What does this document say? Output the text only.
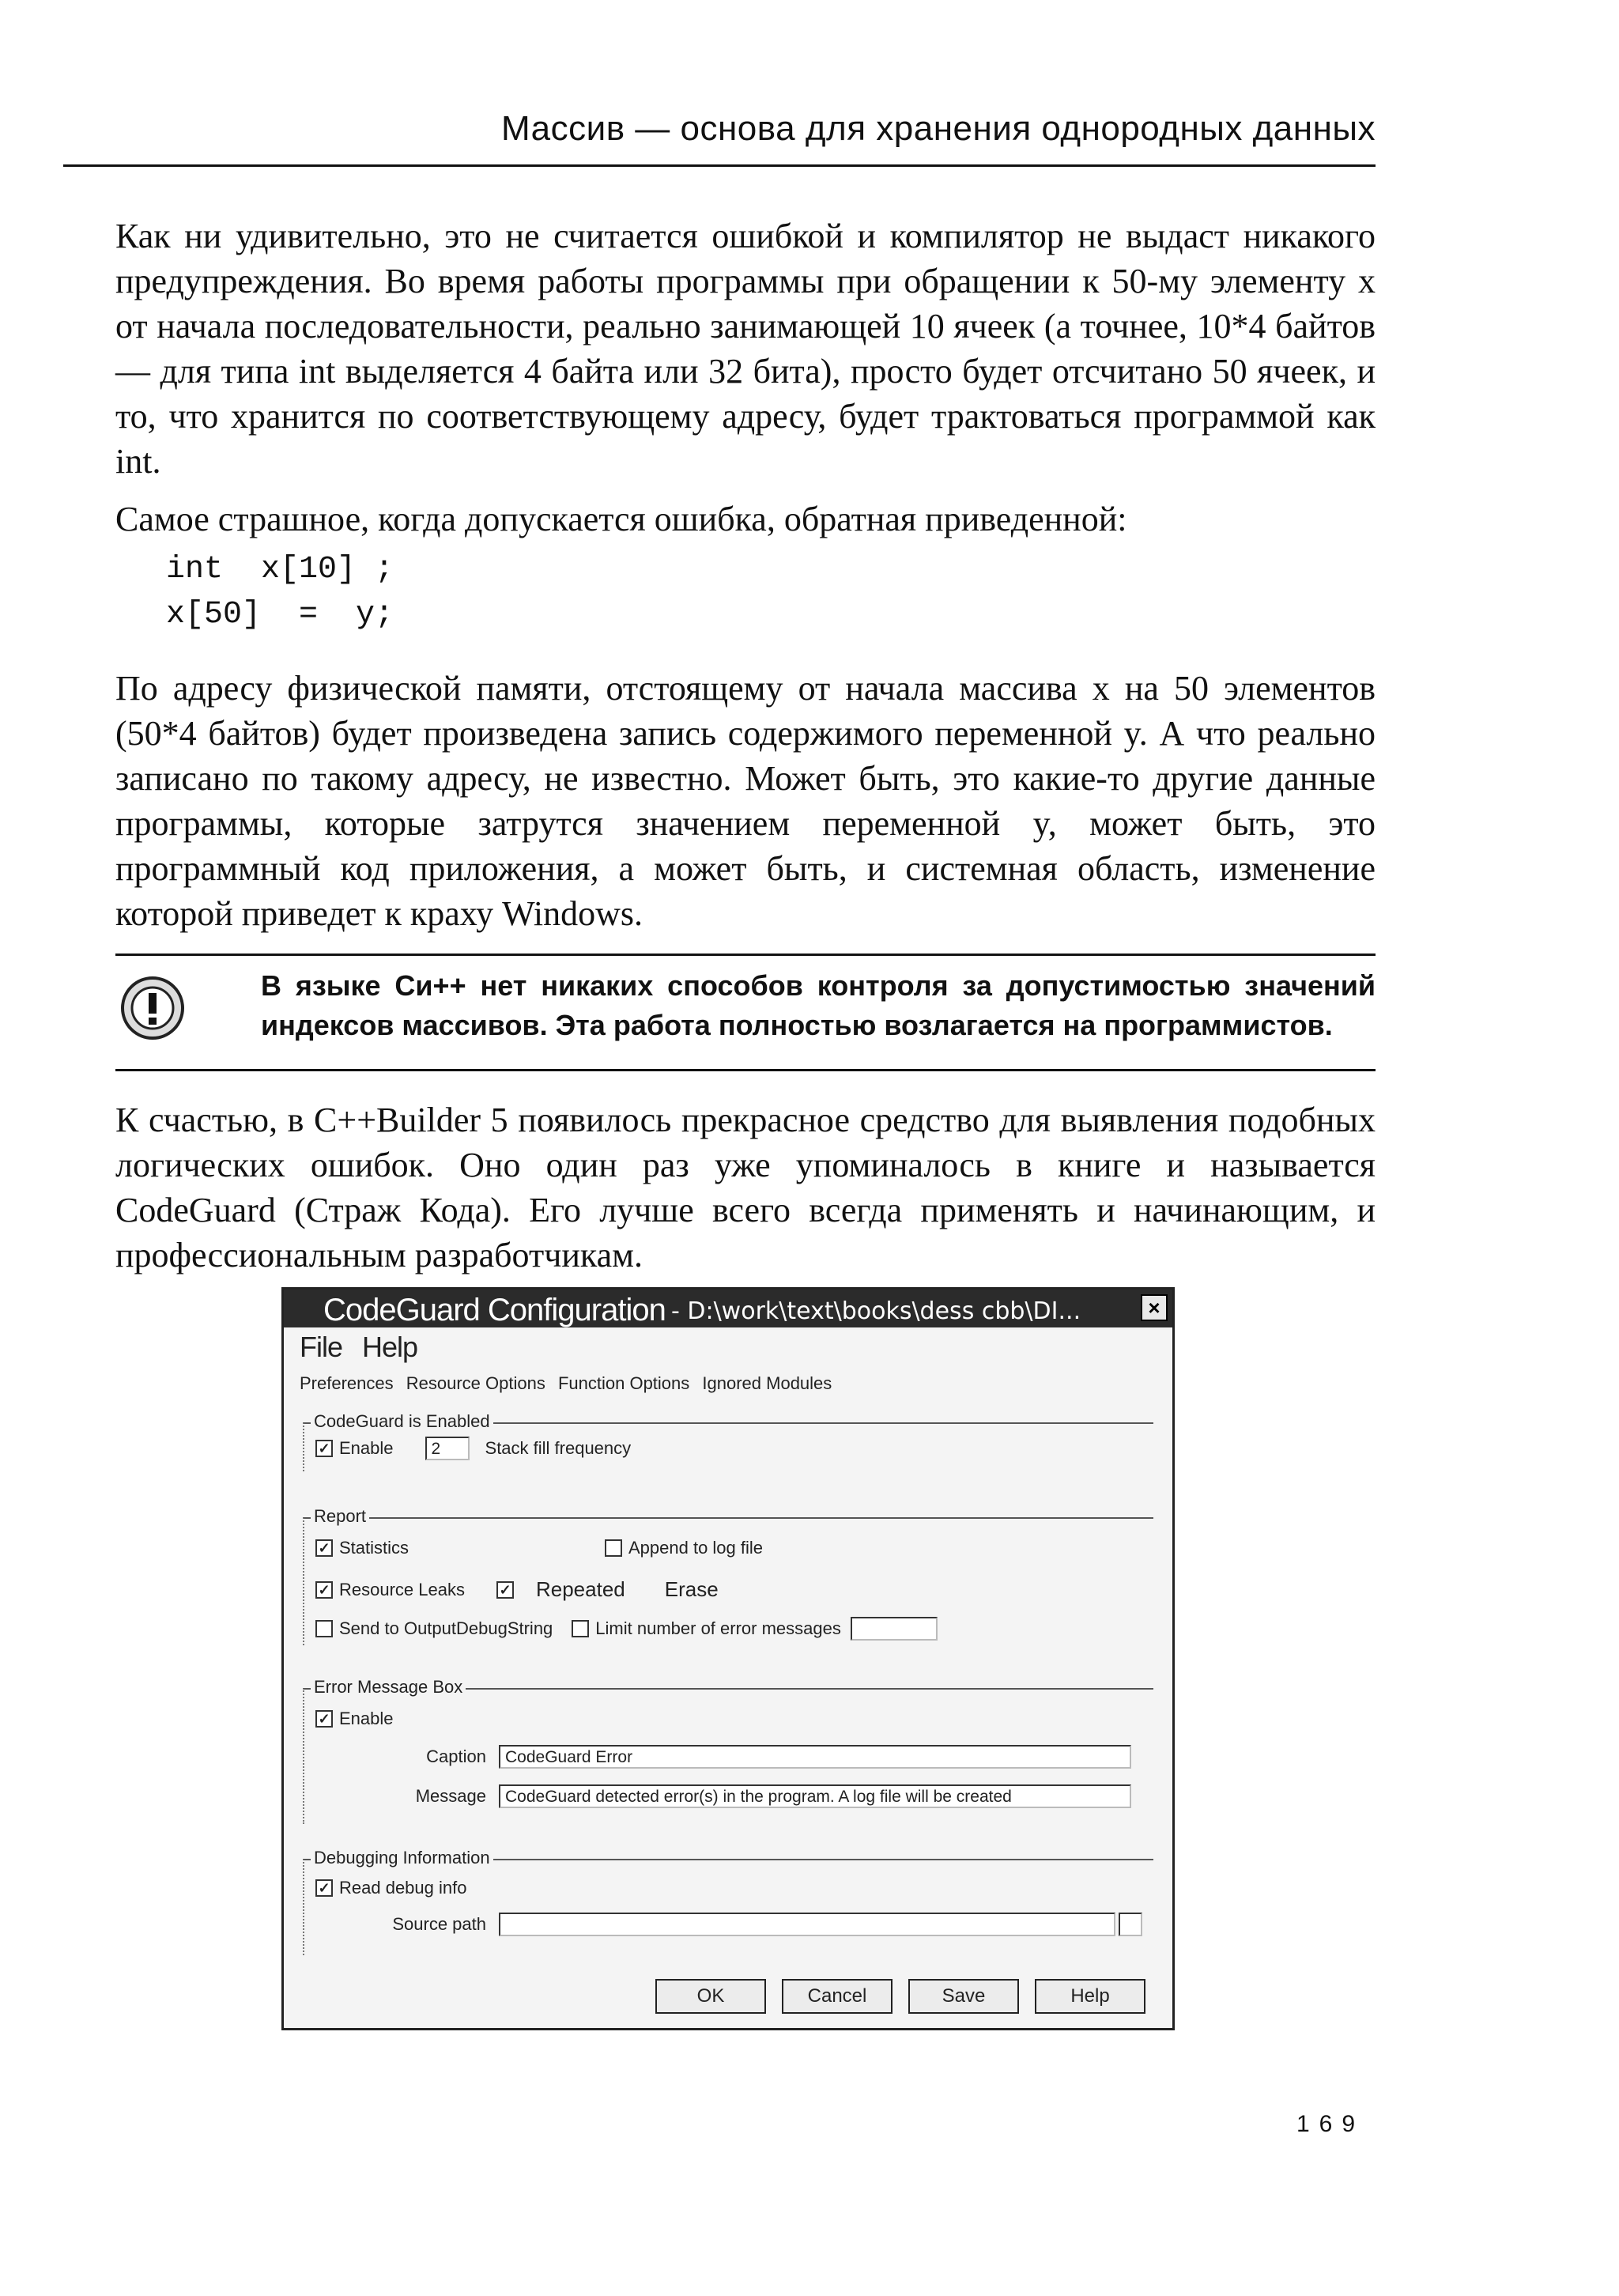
Массив — основа для хранения однородных данных

Как ни удивительно, это не считается ошибкой и компилятор не выдаст никакого предупреждения. Во время работы программы при обращении к 50-му элементу x от начала последовательности, реально занимающей 10 ячеек (а точнее, 10*4 байтов — для типа int выделяется 4 байта или 32 бита), просто будет отсчитано 50 ячеек, и то, что хранится по соответствующему адресу, будет трактоваться программой как int.

Самое страшное, когда допускается ошибка, обратная приведенной:

int  x[10] ;
x[50]  =  y;

По адресу физической памяти, отстоящему от начала массива x на 50 элементов (50*4 байтов) будет произведена запись содержимого переменной y. А что реально записано по такому адресу, не известно. Может быть, это какие-то другие данные программы, которые затрутся значением переменной y, может быть, это программный код приложения, а может быть, и системная область, изменение которой приведет к краху Windows.

В языке Си++ нет никаких способов контроля за допустимостью значений индексов массивов. Эта работа полностью возлагается на программистов.

К счастью, в C++Builder 5 появилось прекрасное средство для выявления подобных логических ошибок. Оно один раз уже упоминалось в книге и называется CodeGuard (Страж Кода). Его лучше всего всегда применять и начинающим, и профессиональным разработчикам.

CodeGuard Configuration - D:\work\text\books\dess cbb\DI...	×
File Help
Preferences Resource Options Function Options Ignored Modules
CodeGuard is Enabled
✓ Enable	2	Stack fill frequency
Report
✓ Statistics	Append to log file
✓ Resource Leaks ✓ Repeated Erase
Send to OutputDebugString Limit number of error messages
Error Message Box
✓ Enable
Caption	CodeGuard Error
Message	CodeGuard detected error(s) in the program. A log file will be created
Debugging Information
✓ Read debug info
Source path
OK	Cancel	Save	Help
169
